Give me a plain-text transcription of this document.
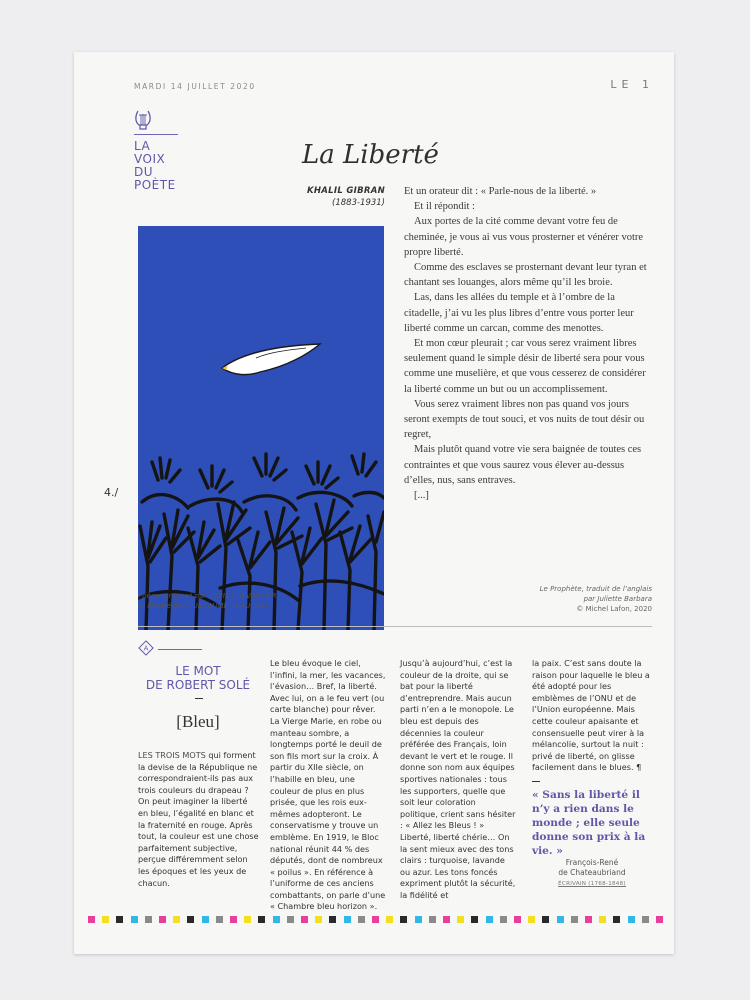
MARDI 14 JUILLET 2020	LE 1
LA
VOIX
DU
POÈTE
La Liberté
KHALIL GIBRAN
(1883-1931)

Et un orateur dit : « Parle-nous de la liberté. »

Et il répondit :

Aux portes de la cité comme devant votre feu de cheminée, je vous ai vus vous prosterner et vénérer votre propre liberté.

Comme des esclaves se prosternant devant leur tyran et chantant ses louanges, alors même qu’il les broie.

Las, dans les allées du temple et à l’ombre de la citadelle, j’ai vu les plus libres d’entre vous porter leur liberté comme un carcan, comme des menottes.

Et mon cœur pleurait ; car vous serez vraiment libres seulement quand le simple désir de liberté sera pour vous comme une muselière, et que vous cesserez de considérer la liberté comme un but ou un accomplissement.

Vous serez vraiment libres non pas quand vos jours seront exempts de tout souci, et vos nuits de tout désir ou regret,

Mais plutôt quand votre vie sera baignée de toutes ces contraintes et que vous saurez vous élever au-dessus d’elles, nus, sans entraves.

[...]

4./
Poème proposé par LOUIS CHEVAILLIER
et illustré par GUILLAUME CHAUCHAT
Le Prophète, traduit de l’anglais
par Juliette Barbara
© Michel Lafon, 2020
A
LE MOT
DE ROBERT SOLÉ
[Bleu]
LES TROIS MOTS qui forment la devise de la République ne correspondraient-ils pas aux trois couleurs du drapeau ? On peut imaginer la liberté en bleu, l’égalité en blanc et la fraternité en rouge. Après tout, la couleur est une chose parfaitement subjective, perçue différemment selon les époques et les yeux de chacun.
Le bleu évoque le ciel, l’infini, la mer, les vacances, l’évasion… Bref, la liberté. Avec lui, on a le feu vert (ou carte blanche) pour rêver. La Vierge Marie, en robe ou manteau sombre, a longtemps porté le deuil de son fils mort sur la croix. À partir du XIIe siècle, on l’habille en bleu, une couleur de plus en plus prisée, que les rois eux-mêmes adopteront. Le conservatisme y trouve un emblème. En 1919, le Bloc national réunit 44 % des députés, dont de nombreux « poilus ». En référence à l’uniforme de ces anciens combattants, on parle d’une « Chambre bleu horizon ».
Jusqu’à aujourd’hui, c’est la couleur de la droite, qui se bat pour la liberté d’entreprendre. Mais aucun parti n’en a le monopole. Le bleu est depuis des décennies la couleur préférée des Français, loin devant le vert et le rouge. Il donne son nom aux équipes sportives nationales : tous les supporters, quelle que soit leur coloration politique, crient sans hésiter : « Allez les Bleus ! » Liberté, liberté chérie… On la sent mieux avec des tons clairs : turquoise, lavande ou azur. Les tons foncés expriment plutôt la sécurité, la fidélité et
la paix. C’est sans doute la raison pour laquelle le bleu a été adopté pour les emblèmes de l’ONU et de l’Union européenne. Mais cette couleur apaisante et consensuelle peut virer à la mélancolie, surtout la nuit : privé de liberté, on glisse facilement dans le blues. ¶
« Sans la liberté il n’y a rien dans le monde ; elle seule donne son prix à la vie. »
François-René
de Chateaubriand
ÉCRIVAIN (1768-1848)
